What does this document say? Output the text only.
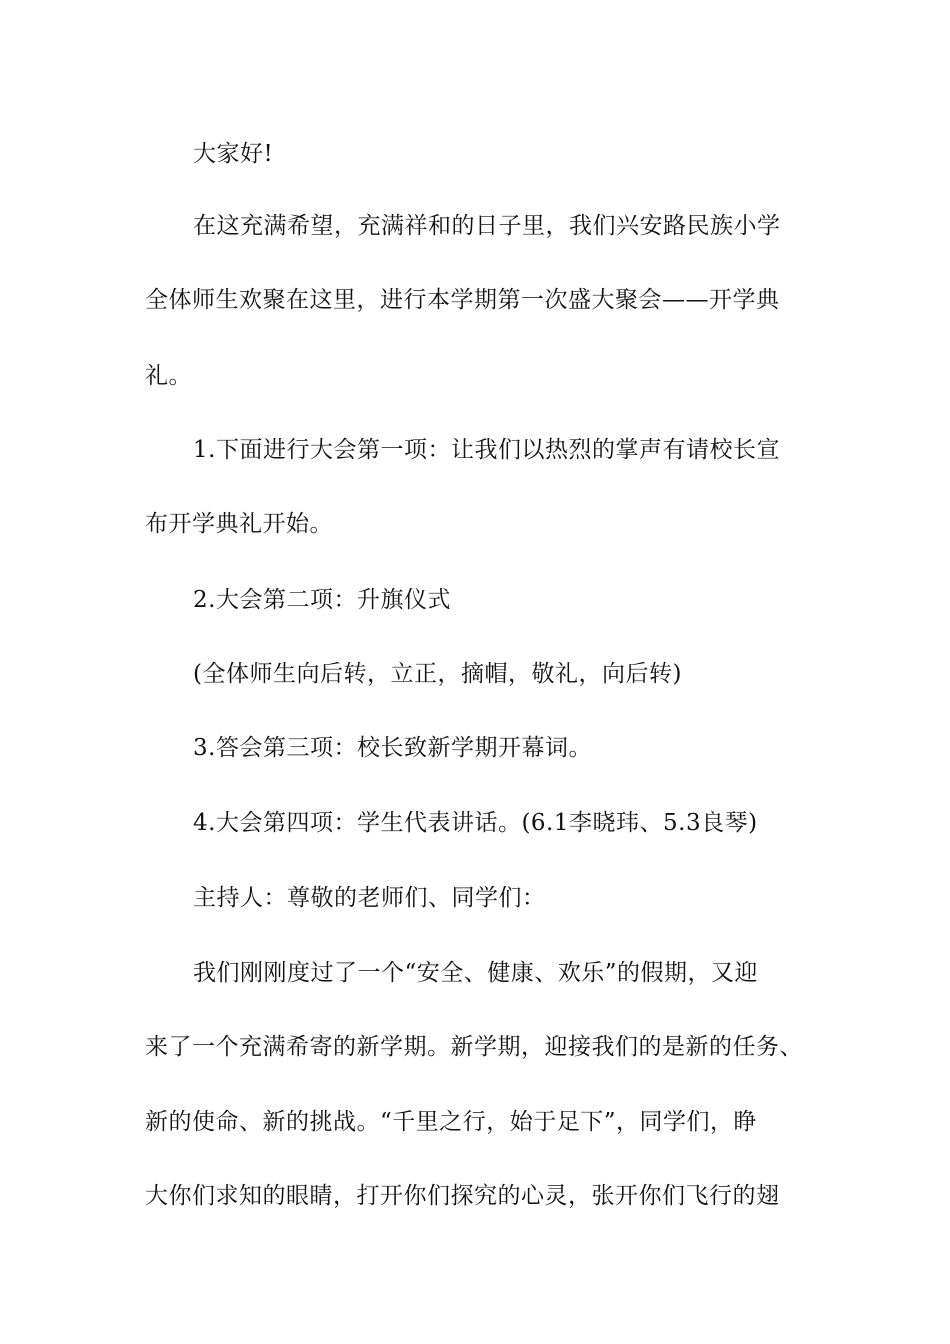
大家好!

在这充满希望，充满祥和的日子里，我们兴安路民族小学

全体师生欢聚在这里，进行本学期第一次盛大聚会——开学典

礼。

1.下面进行大会第一项：让我们以热烈的掌声有请校长宣

布开学典礼开始。

2.大会第二项：升旗仪式

(全体师生向后转，立正，摘帽，敬礼，向后转)

3.答会第三项：校长致新学期开幕词。

4.大会第四项：学生代表讲话。(6.1李晓玮、5.3良琴)

主持人：尊敬的老师们、同学们：

我们刚刚度过了一个“安全、健康、欢乐”的假期，又迎

来了一个充满希寄的新学期。新学期，迎接我们的是新的任务、

新的使命、新的挑战。“千里之行，始于足下”，同学们，睁

大你们求知的眼睛，打开你们探究的心灵，张开你们飞行的翅
